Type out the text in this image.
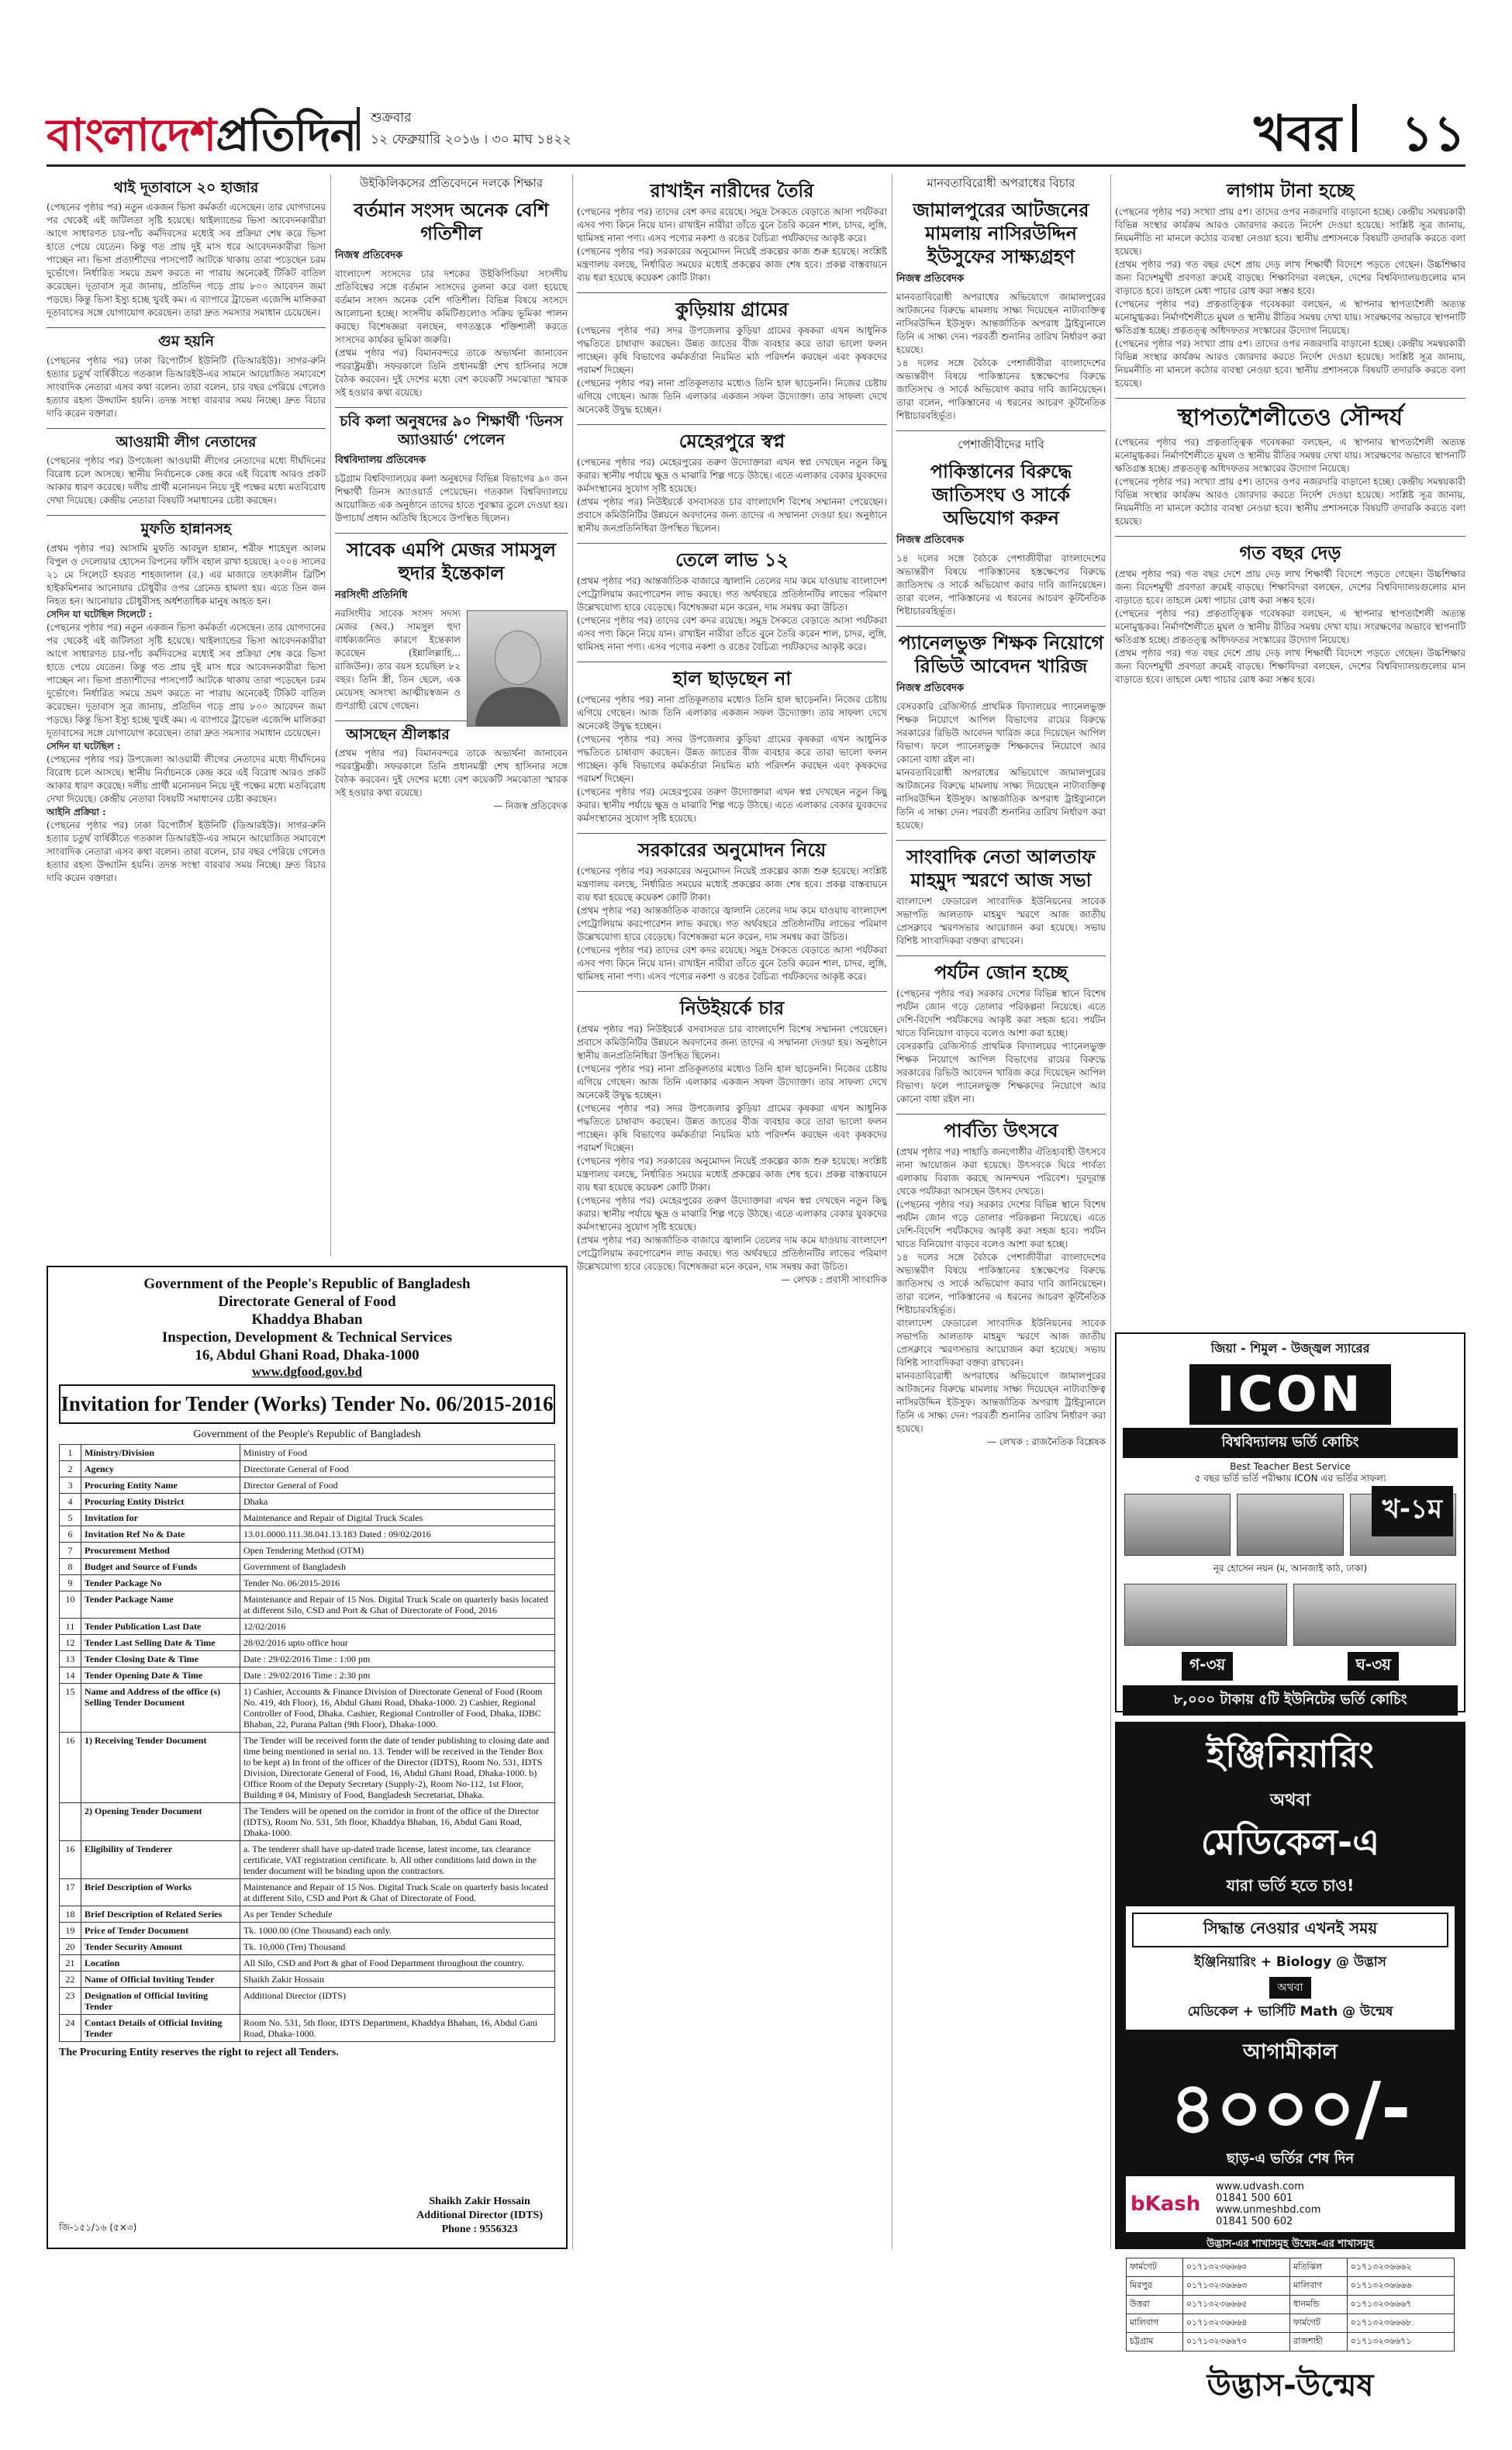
বাংলাদেশপ্রতিদিন শুক্রবার
১২ ফেব্রুয়ারি ২০১৬ । ৩০ মাঘ ১৪২২	খবর ১১
থাই দূতাবাসে ২০ হাজার

(পেছনের পৃষ্ঠার পর) নতুন একজন ভিসা কর্মকর্তা এসেছেন। তার যোগদানের পর থেকেই এই জটিলতা সৃষ্টি হয়েছে। থাইল্যান্ডের ভিসা আবেদনকারীরা আগে সাধারণত চার-পাঁচ কর্মদিবসের মধ্যেই সব প্রক্রিয়া শেষ করে ভিসা হাতে পেয়ে যেতেন। কিন্তু গত প্রায় দুই মাস ধরে আবেদনকারীরা ভিসা পাচ্ছেন না। ভিসা প্রত্যাশীদের পাসপোর্ট আটকে থাকায় তারা পড়েছেন চরম দুর্ভোগে। নির্ধারিত সময়ে ভ্রমণ করতে না পারায় অনেকেই টিকিট বাতিল করেছেন। দূতাবাস সূত্র জানায়, প্রতিদিন গড়ে প্রায় ৮০০ আবেদন জমা পড়ছে। কিন্তু ভিসা ইস্যু হচ্ছে খুবই কম। এ ব্যাপারে ট্রাভেল এজেন্সি মালিকরা দূতাবাসের সঙ্গে যোগাযোগ করেছেন। তারা দ্রুত সমস্যার সমাধান চেয়েছেন।

গুম হয়নি

(পেছনের পৃষ্ঠার পর) ঢাকা রিপোর্টার্স ইউনিটি (ডিআরইউ)। সাগর-রুনি হত্যার চতুর্থ বার্ষিকীতে গতকাল ডিআরইউ-এর সামনে আয়োজিত সমাবেশে সাংবাদিক নেতারা এসব কথা বলেন। তারা বলেন, চার বছর পেরিয়ে গেলেও হত্যার রহস্য উদ্ঘাটন হয়নি। তদন্ত সংস্থা বারবার সময় নিচ্ছে। দ্রুত বিচার দাবি করেন বক্তারা।

আওয়ামী লীগ নেতাদের

(পেছনের পৃষ্ঠার পর) উপজেলা আওয়ামী লীগের নেতাদের মধ্যে দীর্ঘদিনের বিরোধ চলে আসছে। স্থানীয় নির্বাচনকে কেন্দ্র করে এই বিরোধ আরও প্রকট আকার ধারণ করেছে। দলীয় প্রার্থী মনোনয়ন নিয়ে দুই পক্ষের মধ্যে মতবিরোধ দেখা দিয়েছে। কেন্দ্রীয় নেতারা বিষয়টি সমাধানের চেষ্টা করছেন।

মুফতি হান্নানসহ

(প্রথম পৃষ্ঠার পর) আসামি মুফতি আবদুল হান্নান, শরীফ শাহেদুল আলম বিপুল ও দেলোয়ার হোসেন রিপনের ফাঁসি বহাল রাখা হয়েছে। ২০০৪ সালের ২১ মে সিলেটে হযরত শাহজালাল (র.) এর মাজারে তৎকালীন ব্রিটিশ হাইকমিশনার আনোয়ার চৌধুরীর ওপর গ্রেনেড হামলা হয়। এতে তিন জন নিহত হন। আনোয়ার চৌধুরীসহ অর্ধশতাধিক মানুষ আহত হন।

সেদিন যা ঘটেছিল সিলেটে :

(পেছনের পৃষ্ঠার পর) নতুন একজন ভিসা কর্মকর্তা এসেছেন। তার যোগদানের পর থেকেই এই জটিলতা সৃষ্টি হয়েছে। থাইল্যান্ডের ভিসা আবেদনকারীরা আগে সাধারণত চার-পাঁচ কর্মদিবসের মধ্যেই সব প্রক্রিয়া শেষ করে ভিসা হাতে পেয়ে যেতেন। কিন্তু গত প্রায় দুই মাস ধরে আবেদনকারীরা ভিসা পাচ্ছেন না। ভিসা প্রত্যাশীদের পাসপোর্ট আটকে থাকায় তারা পড়েছেন চরম দুর্ভোগে। নির্ধারিত সময়ে ভ্রমণ করতে না পারায় অনেকেই টিকিট বাতিল করেছেন। দূতাবাস সূত্র জানায়, প্রতিদিন গড়ে প্রায় ৮০০ আবেদন জমা পড়ছে। কিন্তু ভিসা ইস্যু হচ্ছে খুবই কম। এ ব্যাপারে ট্রাভেল এজেন্সি মালিকরা দূতাবাসের সঙ্গে যোগাযোগ করেছেন। তারা দ্রুত সমস্যার সমাধান চেয়েছেন।

সেদিন যা ঘটেছিল :

(পেছনের পৃষ্ঠার পর) উপজেলা আওয়ামী লীগের নেতাদের মধ্যে দীর্ঘদিনের বিরোধ চলে আসছে। স্থানীয় নির্বাচনকে কেন্দ্র করে এই বিরোধ আরও প্রকট আকার ধারণ করেছে। দলীয় প্রার্থী মনোনয়ন নিয়ে দুই পক্ষের মধ্যে মতবিরোধ দেখা দিয়েছে। কেন্দ্রীয় নেতারা বিষয়টি সমাধানের চেষ্টা করছেন।

আইনি প্রক্রিয়া :

(পেছনের পৃষ্ঠার পর) ঢাকা রিপোর্টার্স ইউনিটি (ডিআরইউ)। সাগর-রুনি হত্যার চতুর্থ বার্ষিকীতে গতকাল ডিআরইউ-এর সামনে আয়োজিত সমাবেশে সাংবাদিক নেতারা এসব কথা বলেন। তারা বলেন, চার বছর পেরিয়ে গেলেও হত্যার রহস্য উদ্ঘাটন হয়নি। তদন্ত সংস্থা বারবার সময় নিচ্ছে। দ্রুত বিচার দাবি করেন বক্তারা।

উইকিলিকসের প্রতিবেদনে দলকে শিক্ষার
বর্তমান সংসদ অনেক বেশি গতিশীল
নিজস্ব প্রতিবেদক

বাংলাদেশ সংসদের চার দশকের উইকিপিডিয়া সংসদীয় প্রতিবিম্বের সঙ্গে বর্তমান সংসদের তুলনা করে বলা হয়েছে বর্তমান সংসদ অনেক বেশি গতিশীল। বিভিন্ন বিষয়ে সংসদে আলোচনা হচ্ছে। সংসদীয় কমিটিগুলোও সক্রিয় ভূমিকা পালন করছে। বিশেষজ্ঞরা বলছেন, গণতন্ত্রকে শক্তিশালী করতে সংসদের কার্যকর ভূমিকা জরুরি।

(প্রথম পৃষ্ঠার পর) বিমানবন্দরে তাকে অভ্যর্থনা জানাবেন পররাষ্ট্রমন্ত্রী। সফরকালে তিনি প্রধানমন্ত্রী শেখ হাসিনার সঙ্গে বৈঠক করবেন। দুই দেশের মধ্যে বেশ কয়েকটি সমঝোতা স্মারক সই হওয়ার কথা রয়েছে।

চবি কলা অনুষদের ৯০ শিক্ষার্থী 'ডিনস অ্যাওয়ার্ড' পেলেন
বিশ্ববিদ্যালয় প্রতিবেদক

চট্টগ্রাম বিশ্ববিদ্যালয়ের কলা অনুষদের বিভিন্ন বিভাগের ৯০ জন শিক্ষার্থী ডিনস অ্যাওয়ার্ড পেয়েছেন। গতকাল বিশ্ববিদ্যালয়ে আয়োজিত এক অনুষ্ঠানে তাদের হাতে পুরস্কার তুলে দেওয়া হয়। উপাচার্য প্রধান অতিথি হিসেবে উপস্থিত ছিলেন।

সাবেক এমপি মেজর সামসুল হুদার ইন্তেকাল
নরসিংদী প্রতিনিধি

নরসিংদীর সাবেক সংসদ সদস্য মেজর (অব.) সামসুল হুদা বার্ধক্যজনিত কারণে ইন্তেকাল করেছেন (ইন্নালিল্লাহি... রাজিউন)। তার বয়স হয়েছিল ৮২ বছর। তিনি স্ত্রী, তিন ছেলে, এক মেয়েসহ অসংখ্য আত্মীয়স্বজন ও গুণগ্রাহী রেখে গেছেন।

আসছেন শ্রীলঙ্কার

(প্রথম পৃষ্ঠার পর) বিমানবন্দরে তাকে অভ্যর্থনা জানাবেন পররাষ্ট্রমন্ত্রী। সফরকালে তিনি প্রধানমন্ত্রী শেখ হাসিনার সঙ্গে বৈঠক করবেন। দুই দেশের মধ্যে বেশ কয়েকটি সমঝোতা স্মারক সই হওয়ার কথা রয়েছে।

— নিজস্ব প্রতিবেদক

রাখাইন নারীদের তৈরি

(পেছনের পৃষ্ঠার পর) তাদের বেশ কদর রয়েছে। সমুদ্র সৈকতে বেড়াতে আসা পর্যটকরা এসব পণ্য কিনে নিয়ে যান। রাখাইন নারীরা তাঁতে বুনে তৈরি করেন শাল, চাদর, লুঙ্গি, থামিসহ নানা পণ্য। এসব পণ্যের নকশা ও রঙের বৈচিত্র্য পর্যটকদের আকৃষ্ট করে।

(পেছনের পৃষ্ঠার পর) সরকারের অনুমোদন নিয়েই প্রকল্পের কাজ শুরু হয়েছে। সংশ্লিষ্ট মন্ত্রণালয় বলছে, নির্ধারিত সময়ের মধ্যেই প্রকল্পের কাজ শেষ হবে। প্রকল্প বাস্তবায়নে ব্যয় ধরা হয়েছে কয়েকশ কোটি টাকা।

কুড়িয়ায় গ্রামের

(পেছনের পৃষ্ঠার পর) সদর উপজেলার কুড়িয়া গ্রামের কৃষকরা এখন আধুনিক পদ্ধতিতে চাষাবাদ করছেন। উন্নত জাতের বীজ ব্যবহার করে তারা ভালো ফলন পাচ্ছেন। কৃষি বিভাগের কর্মকর্তারা নিয়মিত মাঠ পরিদর্শন করছেন এবং কৃষকদের পরামর্শ দিচ্ছেন।

(পেছনের পৃষ্ঠার পর) নানা প্রতিকূলতার মধ্যেও তিনি হাল ছাড়েননি। নিজের চেষ্টায় এগিয়ে গেছেন। আজ তিনি এলাকার একজন সফল উদ্যোক্তা। তার সাফল্য দেখে অনেকেই উদ্বুদ্ধ হচ্ছেন।

মেহেরপুরে স্বপ্ন

(পেছনের পৃষ্ঠার পর) মেহেরপুরের তরুণ উদ্যোক্তারা এখন স্বপ্ন দেখছেন নতুন কিছু করার। স্থানীয় পর্যায়ে ক্ষুদ্র ও মাঝারি শিল্প গড়ে উঠছে। এতে এলাকার বেকার যুবকদের কর্মসংস্থানের সুযোগ সৃষ্টি হয়েছে।

(প্রথম পৃষ্ঠার পর) নিউইয়র্কে বসবাসরত চার বাংলাদেশি বিশেষ সম্মাননা পেয়েছেন। প্রবাসে কমিউনিটির উন্নয়নে অবদানের জন্য তাদের এ সম্মাননা দেওয়া হয়। অনুষ্ঠানে স্থানীয় জনপ্রতিনিধিরা উপস্থিত ছিলেন।

তেলে লাভ ১২

(প্রথম পৃষ্ঠার পর) আন্তর্জাতিক বাজারে জ্বালানি তেলের দাম কমে যাওয়ায় বাংলাদেশ পেট্রোলিয়াম করপোরেশন লাভ করছে। গত অর্থবছরে প্রতিষ্ঠানটির লাভের পরিমাণ উল্লেখযোগ্য হারে বেড়েছে। বিশেষজ্ঞরা মনে করেন, দাম সমন্বয় করা উচিত।

(পেছনের পৃষ্ঠার পর) তাদের বেশ কদর রয়েছে। সমুদ্র সৈকতে বেড়াতে আসা পর্যটকরা এসব পণ্য কিনে নিয়ে যান। রাখাইন নারীরা তাঁতে বুনে তৈরি করেন শাল, চাদর, লুঙ্গি, থামিসহ নানা পণ্য। এসব পণ্যের নকশা ও রঙের বৈচিত্র্য পর্যটকদের আকৃষ্ট করে।

হাল ছাড়ছেন না

(পেছনের পৃষ্ঠার পর) নানা প্রতিকূলতার মধ্যেও তিনি হাল ছাড়েননি। নিজের চেষ্টায় এগিয়ে গেছেন। আজ তিনি এলাকার একজন সফল উদ্যোক্তা। তার সাফল্য দেখে অনেকেই উদ্বুদ্ধ হচ্ছেন।

(পেছনের পৃষ্ঠার পর) সদর উপজেলার কুড়িয়া গ্রামের কৃষকরা এখন আধুনিক পদ্ধতিতে চাষাবাদ করছেন। উন্নত জাতের বীজ ব্যবহার করে তারা ভালো ফলন পাচ্ছেন। কৃষি বিভাগের কর্মকর্তারা নিয়মিত মাঠ পরিদর্শন করছেন এবং কৃষকদের পরামর্শ দিচ্ছেন।

(পেছনের পৃষ্ঠার পর) মেহেরপুরের তরুণ উদ্যোক্তারা এখন স্বপ্ন দেখছেন নতুন কিছু করার। স্থানীয় পর্যায়ে ক্ষুদ্র ও মাঝারি শিল্প গড়ে উঠছে। এতে এলাকার বেকার যুবকদের কর্মসংস্থানের সুযোগ সৃষ্টি হয়েছে।

সরকারের অনুমোদন নিয়ে

(পেছনের পৃষ্ঠার পর) সরকারের অনুমোদন নিয়েই প্রকল্পের কাজ শুরু হয়েছে। সংশ্লিষ্ট মন্ত্রণালয় বলছে, নির্ধারিত সময়ের মধ্যেই প্রকল্পের কাজ শেষ হবে। প্রকল্প বাস্তবায়নে ব্যয় ধরা হয়েছে কয়েকশ কোটি টাকা।

(প্রথম পৃষ্ঠার পর) আন্তর্জাতিক বাজারে জ্বালানি তেলের দাম কমে যাওয়ায় বাংলাদেশ পেট্রোলিয়াম করপোরেশন লাভ করছে। গত অর্থবছরে প্রতিষ্ঠানটির লাভের পরিমাণ উল্লেখযোগ্য হারে বেড়েছে। বিশেষজ্ঞরা মনে করেন, দাম সমন্বয় করা উচিত।

(পেছনের পৃষ্ঠার পর) তাদের বেশ কদর রয়েছে। সমুদ্র সৈকতে বেড়াতে আসা পর্যটকরা এসব পণ্য কিনে নিয়ে যান। রাখাইন নারীরা তাঁতে বুনে তৈরি করেন শাল, চাদর, লুঙ্গি, থামিসহ নানা পণ্য। এসব পণ্যের নকশা ও রঙের বৈচিত্র্য পর্যটকদের আকৃষ্ট করে।

নিউইয়র্কে চার

(প্রথম পৃষ্ঠার পর) নিউইয়র্কে বসবাসরত চার বাংলাদেশি বিশেষ সম্মাননা পেয়েছেন। প্রবাসে কমিউনিটির উন্নয়নে অবদানের জন্য তাদের এ সম্মাননা দেওয়া হয়। অনুষ্ঠানে স্থানীয় জনপ্রতিনিধিরা উপস্থিত ছিলেন।

(পেছনের পৃষ্ঠার পর) নানা প্রতিকূলতার মধ্যেও তিনি হাল ছাড়েননি। নিজের চেষ্টায় এগিয়ে গেছেন। আজ তিনি এলাকার একজন সফল উদ্যোক্তা। তার সাফল্য দেখে অনেকেই উদ্বুদ্ধ হচ্ছেন।

(পেছনের পৃষ্ঠার পর) সদর উপজেলার কুড়িয়া গ্রামের কৃষকরা এখন আধুনিক পদ্ধতিতে চাষাবাদ করছেন। উন্নত জাতের বীজ ব্যবহার করে তারা ভালো ফলন পাচ্ছেন। কৃষি বিভাগের কর্মকর্তারা নিয়মিত মাঠ পরিদর্শন করছেন এবং কৃষকদের পরামর্শ দিচ্ছেন।

(পেছনের পৃষ্ঠার পর) সরকারের অনুমোদন নিয়েই প্রকল্পের কাজ শুরু হয়েছে। সংশ্লিষ্ট মন্ত্রণালয় বলছে, নির্ধারিত সময়ের মধ্যেই প্রকল্পের কাজ শেষ হবে। প্রকল্প বাস্তবায়নে ব্যয় ধরা হয়েছে কয়েকশ কোটি টাকা।

(পেছনের পৃষ্ঠার পর) মেহেরপুরের তরুণ উদ্যোক্তারা এখন স্বপ্ন দেখছেন নতুন কিছু করার। স্থানীয় পর্যায়ে ক্ষুদ্র ও মাঝারি শিল্প গড়ে উঠছে। এতে এলাকার বেকার যুবকদের কর্মসংস্থানের সুযোগ সৃষ্টি হয়েছে।

(প্রথম পৃষ্ঠার পর) আন্তর্জাতিক বাজারে জ্বালানি তেলের দাম কমে যাওয়ায় বাংলাদেশ পেট্রোলিয়াম করপোরেশন লাভ করছে। গত অর্থবছরে প্রতিষ্ঠানটির লাভের পরিমাণ উল্লেখযোগ্য হারে বেড়েছে। বিশেষজ্ঞরা মনে করেন, দাম সমন্বয় করা উচিত।

— লেখক : প্রবাসী সাংবাদিক

মানবতাবিরোধী অপরাধের বিচার
জামালপুরের আটজনের মামলায় নাসিরউদ্দিন ইউসুফের সাক্ষ্যগ্রহণ
নিজস্ব প্রতিবেদক

মানবতাবিরোধী অপরাধের অভিযোগে জামালপুরের আটজনের বিরুদ্ধে মামলায় সাক্ষ্য দিয়েছেন নাট্যব্যক্তিত্ব নাসিরউদ্দিন ইউসুফ। আন্তর্জাতিক অপরাধ ট্রাইব্যুনালে তিনি এ সাক্ষ্য দেন। পরবর্তী শুনানির তারিখ নির্ধারণ করা হয়েছে।

১৪ দলের সঙ্গে বৈঠকে পেশাজীবীরা বাংলাদেশের অভ্যন্তরীণ বিষয়ে পাকিস্তানের হস্তক্ষেপের বিরুদ্ধে জাতিসংঘ ও সার্কে অভিযোগ করার দাবি জানিয়েছেন। তারা বলেন, পাকিস্তানের এ ধরনের আচরণ কূটনৈতিক শিষ্টাচারবহির্ভূত।

পেশাজীবীদের দাবি
পাকিস্তানের বিরুদ্ধে জাতিসংঘ ও সার্কে অভিযোগ করুন
নিজস্ব প্রতিবেদক

১৪ দলের সঙ্গে বৈঠকে পেশাজীবীরা বাংলাদেশের অভ্যন্তরীণ বিষয়ে পাকিস্তানের হস্তক্ষেপের বিরুদ্ধে জাতিসংঘ ও সার্কে অভিযোগ করার দাবি জানিয়েছেন। তারা বলেন, পাকিস্তানের এ ধরনের আচরণ কূটনৈতিক শিষ্টাচারবহির্ভূত।

প্যানেলভুক্ত শিক্ষক নিয়োগে রিভিউ আবেদন খারিজ
নিজস্ব প্রতিবেদক

বেসরকারি রেজিস্টার্ড প্রাথমিক বিদ্যালয়ের প্যানেলভুক্ত শিক্ষক নিয়োগে আপিল বিভাগের রায়ের বিরুদ্ধে সরকারের রিভিউ আবেদন খারিজ করে দিয়েছেন আপিল বিভাগ। ফলে প্যানেলভুক্ত শিক্ষকদের নিয়োগে আর কোনো বাধা রইল না।

মানবতাবিরোধী অপরাধের অভিযোগে জামালপুরের আটজনের বিরুদ্ধে মামলায় সাক্ষ্য দিয়েছেন নাট্যব্যক্তিত্ব নাসিরউদ্দিন ইউসুফ। আন্তর্জাতিক অপরাধ ট্রাইব্যুনালে তিনি এ সাক্ষ্য দেন। পরবর্তী শুনানির তারিখ নির্ধারণ করা হয়েছে।

সাংবাদিক নেতা আলতাফ মাহমুদ স্মরণে আজ সভা

বাংলাদেশ ফেডারেল সাংবাদিক ইউনিয়নের সাবেক সভাপতি আলতাফ মাহমুদ স্মরণে আজ জাতীয় প্রেসক্লাবে স্মরণসভার আয়োজন করা হয়েছে। সভায় বিশিষ্ট সাংবাদিকরা বক্তব্য রাখবেন।

পর্যটন জোন হচ্ছে

(পেছনের পৃষ্ঠার পর) সরকার দেশের বিভিন্ন স্থানে বিশেষ পর্যটন জোন গড়ে তোলার পরিকল্পনা নিয়েছে। এতে দেশি-বিদেশি পর্যটকদের আকৃষ্ট করা সহজ হবে। পর্যটন খাতে বিনিয়োগ বাড়বে বলেও আশা করা হচ্ছে।

বেসরকারি রেজিস্টার্ড প্রাথমিক বিদ্যালয়ের প্যানেলভুক্ত শিক্ষক নিয়োগে আপিল বিভাগের রায়ের বিরুদ্ধে সরকারের রিভিউ আবেদন খারিজ করে দিয়েছেন আপিল বিভাগ। ফলে প্যানেলভুক্ত শিক্ষকদের নিয়োগে আর কোনো বাধা রইল না।

পার্বত্যি উৎসবে

(প্রথম পৃষ্ঠার পর) পাহাড়ি জনগোষ্ঠীর ঐতিহ্যবাহী উৎসবে নানা আয়োজন করা হয়েছে। উৎসবকে ঘিরে পার্বত্য এলাকায় বিরাজ করছে আনন্দঘন পরিবেশ। দূরদূরান্ত থেকে পর্যটকরা আসছেন উৎসব দেখতে।

(পেছনের পৃষ্ঠার পর) সরকার দেশের বিভিন্ন স্থানে বিশেষ পর্যটন জোন গড়ে তোলার পরিকল্পনা নিয়েছে। এতে দেশি-বিদেশি পর্যটকদের আকৃষ্ট করা সহজ হবে। পর্যটন খাতে বিনিয়োগ বাড়বে বলেও আশা করা হচ্ছে।

১৪ দলের সঙ্গে বৈঠকে পেশাজীবীরা বাংলাদেশের অভ্যন্তরীণ বিষয়ে পাকিস্তানের হস্তক্ষেপের বিরুদ্ধে জাতিসংঘ ও সার্কে অভিযোগ করার দাবি জানিয়েছেন। তারা বলেন, পাকিস্তানের এ ধরনের আচরণ কূটনৈতিক শিষ্টাচারবহির্ভূত।

বাংলাদেশ ফেডারেল সাংবাদিক ইউনিয়নের সাবেক সভাপতি আলতাফ মাহমুদ স্মরণে আজ জাতীয় প্রেসক্লাবে স্মরণসভার আয়োজন করা হয়েছে। সভায় বিশিষ্ট সাংবাদিকরা বক্তব্য রাখবেন।

মানবতাবিরোধী অপরাধের অভিযোগে জামালপুরের আটজনের বিরুদ্ধে মামলায় সাক্ষ্য দিয়েছেন নাট্যব্যক্তিত্ব নাসিরউদ্দিন ইউসুফ। আন্তর্জাতিক অপরাধ ট্রাইব্যুনালে তিনি এ সাক্ষ্য দেন। পরবর্তী শুনানির তারিখ নির্ধারণ করা হয়েছে।

— লেখক : রাজনৈতিক বিশ্লেষক

লাগাম টানা হচ্ছে

(পেছনের পৃষ্ঠার পর) সংখ্যা প্রায় ৫শ। তাদের ওপর নজরদারি বাড়ানো হচ্ছে। কেন্দ্রীয় সমন্বয়কারী বিভিন্ন সংস্থার কার্যক্রম আরও জোরদার করতে নির্দেশ দেওয়া হয়েছে। সংশ্লিষ্ট সূত্র জানায়, নিয়মনীতি না মানলে কঠোর ব্যবস্থা নেওয়া হবে। স্থানীয় প্রশাসনকে বিষয়টি তদারকি করতে বলা হয়েছে।

(প্রথম পৃষ্ঠার পর) গত বছর দেশে প্রায় দেড় লাখ শিক্ষার্থী বিদেশে পড়তে গেছেন। উচ্চশিক্ষার জন্য বিদেশমুখী প্রবণতা ক্রমেই বাড়ছে। শিক্ষাবিদরা বলছেন, দেশের বিশ্ববিদ্যালয়গুলোর মান বাড়াতে হবে। তাহলে মেধা পাচার রোধ করা সম্ভব হবে।

(পেছনের পৃষ্ঠার পর) প্রত্নতাত্ত্বিক গবেষকরা বলছেন, এ স্থাপনার স্থাপত্যশৈলী অত্যন্ত মনোমুগ্ধকর। নির্মাণশৈলীতে মুঘল ও স্থানীয় রীতির সমন্বয় দেখা যায়। সংরক্ষণের অভাবে স্থাপনাটি ক্ষতিগ্রস্ত হচ্ছে। প্রত্নতত্ত্ব অধিদফতর সংস্কারের উদ্যোগ নিয়েছে।

(পেছনের পৃষ্ঠার পর) সংখ্যা প্রায় ৫শ। তাদের ওপর নজরদারি বাড়ানো হচ্ছে। কেন্দ্রীয় সমন্বয়কারী বিভিন্ন সংস্থার কার্যক্রম আরও জোরদার করতে নির্দেশ দেওয়া হয়েছে। সংশ্লিষ্ট সূত্র জানায়, নিয়মনীতি না মানলে কঠোর ব্যবস্থা নেওয়া হবে। স্থানীয় প্রশাসনকে বিষয়টি তদারকি করতে বলা হয়েছে।

স্থাপত্যশৈলীতেও সৌন্দর্য

(পেছনের পৃষ্ঠার পর) প্রত্নতাত্ত্বিক গবেষকরা বলছেন, এ স্থাপনার স্থাপত্যশৈলী অত্যন্ত মনোমুগ্ধকর। নির্মাণশৈলীতে মুঘল ও স্থানীয় রীতির সমন্বয় দেখা যায়। সংরক্ষণের অভাবে স্থাপনাটি ক্ষতিগ্রস্ত হচ্ছে। প্রত্নতত্ত্ব অধিদফতর সংস্কারের উদ্যোগ নিয়েছে।

(পেছনের পৃষ্ঠার পর) সংখ্যা প্রায় ৫শ। তাদের ওপর নজরদারি বাড়ানো হচ্ছে। কেন্দ্রীয় সমন্বয়কারী বিভিন্ন সংস্থার কার্যক্রম আরও জোরদার করতে নির্দেশ দেওয়া হয়েছে। সংশ্লিষ্ট সূত্র জানায়, নিয়মনীতি না মানলে কঠোর ব্যবস্থা নেওয়া হবে। স্থানীয় প্রশাসনকে বিষয়টি তদারকি করতে বলা হয়েছে।

গত বছর দেড়

(প্রথম পৃষ্ঠার পর) গত বছর দেশে প্রায় দেড় লাখ শিক্ষার্থী বিদেশে পড়তে গেছেন। উচ্চশিক্ষার জন্য বিদেশমুখী প্রবণতা ক্রমেই বাড়ছে। শিক্ষাবিদরা বলছেন, দেশের বিশ্ববিদ্যালয়গুলোর মান বাড়াতে হবে। তাহলে মেধা পাচার রোধ করা সম্ভব হবে।

(পেছনের পৃষ্ঠার পর) প্রত্নতাত্ত্বিক গবেষকরা বলছেন, এ স্থাপনার স্থাপত্যশৈলী অত্যন্ত মনোমুগ্ধকর। নির্মাণশৈলীতে মুঘল ও স্থানীয় রীতির সমন্বয় দেখা যায়। সংরক্ষণের অভাবে স্থাপনাটি ক্ষতিগ্রস্ত হচ্ছে। প্রত্নতত্ত্ব অধিদফতর সংস্কারের উদ্যোগ নিয়েছে।

(প্রথম পৃষ্ঠার পর) গত বছর দেশে প্রায় দেড় লাখ শিক্ষার্থী বিদেশে পড়তে গেছেন। উচ্চশিক্ষার জন্য বিদেশমুখী প্রবণতা ক্রমেই বাড়ছে। শিক্ষাবিদরা বলছেন, দেশের বিশ্ববিদ্যালয়গুলোর মান বাড়াতে হবে। তাহলে মেধা পাচার রোধ করা সম্ভব হবে।

Government of the People's Republic of Bangladesh
Directorate General of Food
Khaddya Bhaban
Inspection, Development & Technical Services
16, Abdul Ghani Road, Dhaka-1000
www.dgfood.gov.bd
Invitation for Tender (Works) Tender No. 06/2015-2016
Government of the People's Republic of Bangladesh
1	Ministry/Division	Ministry of Food
2	Agency	Directorate General of Food
3	Procuring Entity Name	Director General of Food
4	Procuring Entity District	Dhaka
5	Invitation for	Maintenance and Repair of Digital Truck Scales
6	Invitation Ref No & Date	13.01.0000.111.38.041.13.183 Dated : 09/02/2016
7	Procurement Method	Open Tendering Method (OTM)
8	Budget and Source of Funds	Government of Bangladesh
9	Tender Package No	Tender No. 06/2015-2016
10	Tender Package Name	Maintenance and Repair of 15 Nos. Digital Truck Scale on quarterly basis located at different Silo, CSD and Port & Ghat of Directorate of Food, 2016
11	Tender Publication Last Date	12/02/2016
12	Tender Last Selling Date & Time	28/02/2016 upto office hour
13	Tender Closing Date & Time	Date : 29/02/2016 Time : 1:00 pm
14	Tender Opening Date & Time	Date : 29/02/2016 Time : 2:30 pm
15	Name and Address of the office (s) Selling Tender Document	1) Cashier, Accounts & Finance Division of Directorate General of Food (Room No. 419, 4th Floor), 16, Abdul Ghani Road, Dhaka-1000. 2) Cashier, Regional Controller of Food, Dhaka. Cashier, Regional Controller of Food, Dhaka, IDBC Bhaban, 22, Purana Paltan (9th Floor), Dhaka-1000.
16	1) Receiving Tender Document	The Tender will be received form the date of tender publishing to closing date and time being mentioned in serial no. 13. Tender will be received in the Tender Box to be kept a) In front of the officer of the Director (IDTS), Room No. 531, IDTS Division, Directorate General of Food, 16, Abdul Ghani Road, Dhaka-1000. b) Office Room of the Deputy Secretary (Supply-2), Room No-112, 1st Floor, Building # 04, Ministry of Food, Bangladesh Secretariat, Dhaka.
	2) Opening Tender Document	The Tenders will be opened on the corridor in front of the office of the Director (IDTS), Room No. 531, 5th floor, Khaddya Bhaban, 16, Abdul Gani Road, Dhaka-1000.
16	Eligibility of Tenderer	a. The tenderer shall have up-dated trade license, latest income, tax clearance certificate, VAT registration certificate. b. All other conditions laid down in the tender document will be binding upon the contractors.
17	Brief Description of Works	Maintenance and Repair of 15 Nos. Digital Truck Scale on quarterly basis located at different Silo, CSD and Port & Ghat of Directorate of Food.
18	Brief Description of Related Series	As per Tender Schedule
19	Price of Tender Document	Tk. 1000.00 (One Thousand) each only.
20	Tender Security Amount	Tk. 10,000 (Ten) Thousand
21	Location	All Silo, CSD and Port & ghat of Food Department throughout the country.
22	Name of Official Inviting Tender	Shaikh Zakir Hossain
23	Designation of Official Inviting Tender	Additional Director (IDTS)
24	Contact Details of Official Inviting Tender	Room No. 531, 5th floor, IDTS Department, Khaddya Bhaban, 16, Abdul Gani Road, Dhaka-1000.
The Procuring Entity reserves the right to reject all Tenders.
জি-১৫১/১৬ (৫×৩)
Shaikh Zakir Hossain
Additional Director (IDTS)
Phone : 9556323
জিয়া - শিমুল - উজ্জ্বল স্যারের
ICON
বিশ্ববিদ্যালয় ভর্তি কোচিং
Best Teacher Best Service
৫ বছর ভর্তি ভর্তি পরীক্ষায় ICON এর ভর্তির সাফল্য
খ-১ম
নূর হোসেন নয়ন (ম, আনজাই কাঠ, ঢাকা)
গ-৩য়	ঘ-৩য়
৮,০০০ টাকায় ৫টি ইউনিটের ভর্তি কোচিং
ইঞ্জিনিয়ারিং
অথবা
মেডিকেল-এ
যারা ভর্তি হতে চাও!
সিদ্ধান্ত নেওয়ার এখনই সময়
ইঞ্জিনিয়ারিং + Biology @ উদ্ভাস
অথবা
মেডিকেল + ভার্সিটি Math @ উন্মেষ
আগামীকাল
৪০০০/-
ছাড়-এ ভর্তির শেষ দিন
bKash
www.udvash.com
01841 500 601
www.unmeshbd.com
01841 500 602
উদ্ভাস-এর শাখাসমূহ উন্মেষ-এর শাখাসমূহ
ফার্মগেট	০১৭১৩২৩৬৬৬০	মতিঝিল	০১৭১৩২৩৬৬৬২
মিরপুর	০১৭১৩২৩৬৬৬৩	মালিবাগ	০১৭১৩২৩৬৬৬৬
উত্তরা	০১৭১৩২৩৬৬৬৫	ধানমন্ডি	০১৭১৩২৩৬৬৬৭
মালিবাগ	০১৭১৩২৩৬৬৬৪	ফার্মগেট	০১৭১৩২৩৬৬৬৮
চট্টগ্রাম	০১৭১৩২৩৬৬৭০	রাজশাহী	০১৭১৩২৩৬৬৭১
উদ্ভাস-উন্মেষ
শিক্ষা পরিবার
